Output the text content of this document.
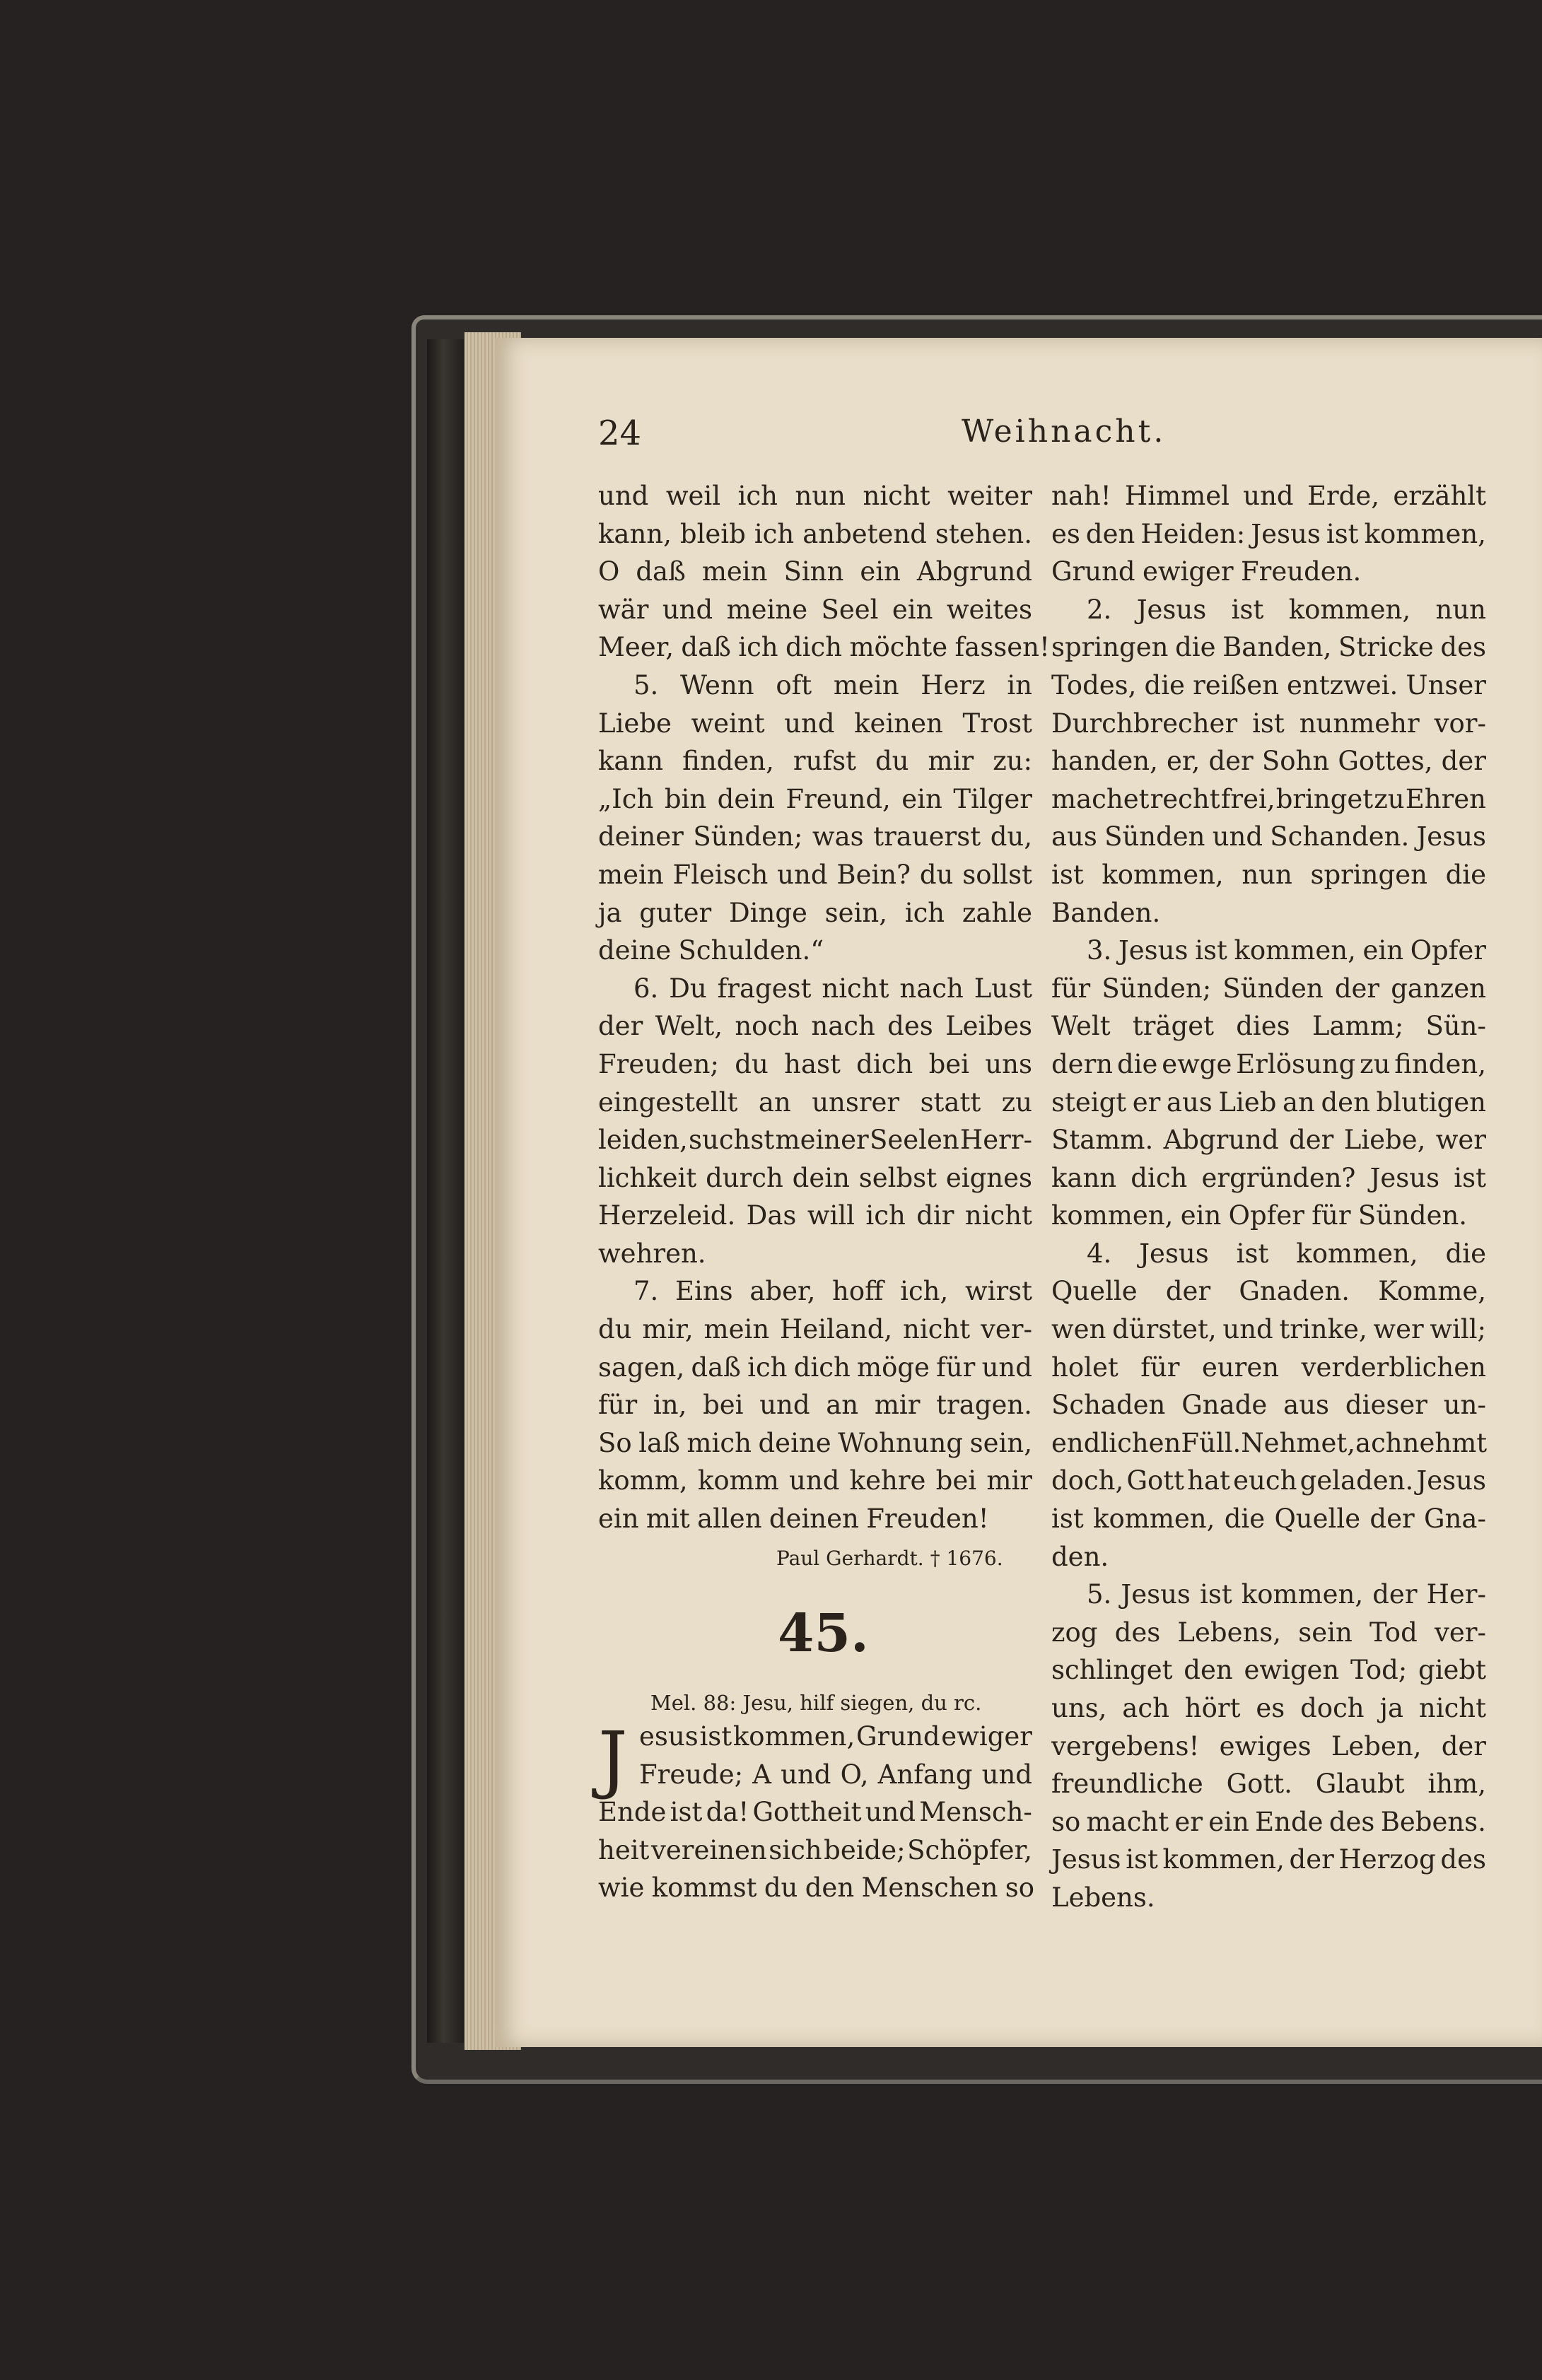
24	Weihnacht.
und weil ich nun nicht weiter
kann, bleib ich anbetend stehen.
O daß mein Sinn ein Abgrund
wär und meine Seel ein weites
Meer, daß ich dich möchte fassen!
5. Wenn oft mein Herz in
Liebe weint und keinen Trost
kann finden, rufst du mir zu:
„Ich bin dein Freund, ein Tilger
deiner Sünden; was trauerst du,
mein Fleisch und Bein? du sollst
ja guter Dinge sein, ich zahle
deine Schulden.“
6. Du fragest nicht nach Lust
der Welt, noch nach des Leibes
Freuden; du hast dich bei uns
eingestellt an unsrer statt zu
leiden, suchst meiner Seelen Herr-
lichkeit durch dein selbst eignes
Herzeleid. Das will ich dir nicht
wehren.
7. Eins aber, hoff ich, wirst
du mir, mein Heiland, nicht ver-
sagen, daß ich dich möge für und
für in, bei und an mir tragen.
So laß mich deine Wohnung sein,
komm, komm und kehre bei mir
ein mit allen deinen Freuden!
Paul Gerhardt. † 1676.
45.
Mel. 88: Jesu, hilf siegen, du rc.
J esus ist kommen, Grund ewiger
Freude; A und O, Anfang und
Ende ist da! Gottheit und Mensch-
heit vereinen sich beide; Schöpfer,
wie kommst du den Menschen so
nah! Himmel und Erde, erzählt
es den Heiden: Jesus ist kommen,
Grund ewiger Freuden.
2. Jesus ist kommen, nun
springen die Banden, Stricke des
Todes, die reißen entzwei. Unser
Durchbrecher ist nunmehr vor-
handen, er, der Sohn Gottes, der
machet recht frei, bringet zu Ehren
aus Sünden und Schanden. Jesus
ist kommen, nun springen die
Banden.
3. Jesus ist kommen, ein Opfer
für Sünden; Sünden der ganzen
Welt träget dies Lamm; Sün-
dern die ewge Erlösung zu finden,
steigt er aus Lieb an den blutigen
Stamm. Abgrund der Liebe, wer
kann dich ergründen? Jesus ist
kommen, ein Opfer für Sünden.
4. Jesus ist kommen, die
Quelle der Gnaden. Komme,
wen dürstet, und trinke, wer will;
holet für euren verderblichen
Schaden Gnade aus dieser un-
endlichen Füll. Nehmet, ach nehmt
doch, Gott hat euch geladen. Jesus
ist kommen, die Quelle der Gna-
den.
5. Jesus ist kommen, der Her-
zog des Lebens, sein Tod ver-
schlinget den ewigen Tod; giebt
uns, ach hört es doch ja nicht
vergebens! ewiges Leben, der
freundliche Gott. Glaubt ihm,
so macht er ein Ende des Bebens.
Jesus ist kommen, der Herzog des
Lebens.
